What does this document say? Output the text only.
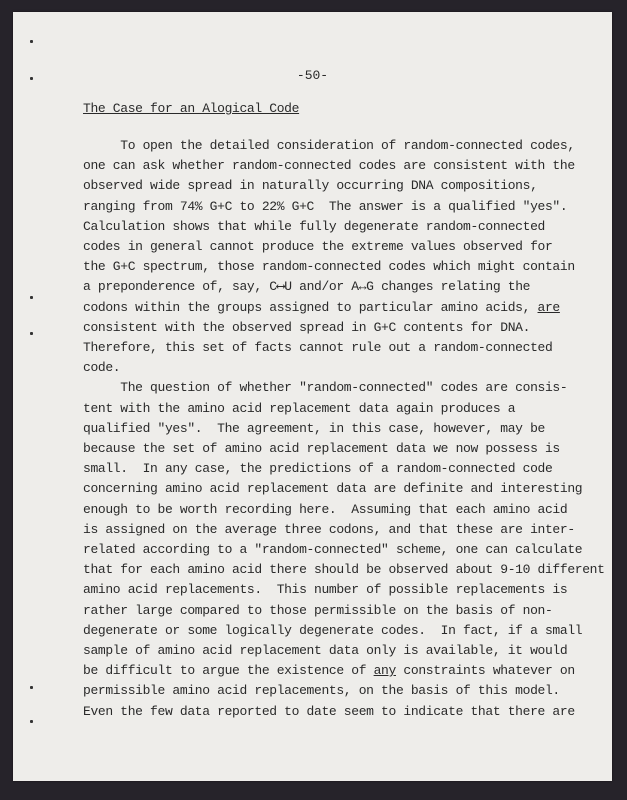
-50-
The Case for an Alogical Code
To open the detailed consideration of random-connected codes,
one can ask whether random-connected codes are consistent with the
observed wide spread in naturally occurring DNA compositions,
ranging from 74% G+C to 22% G+C  The answer is a qualified "yes".
Calculation shows that while fully degenerate random-connected
codes in general cannot produce the extreme values observed for
the G+C spectrum, those random-connected codes which might contain
a preponderence of, say, C⟷U and/or A↔G changes relating the
codons within the groups assigned to particular amino acids, are
consistent with the observed spread in G+C contents for DNA.
Therefore, this set of facts cannot rule out a random-connected
code.
The question of whether "random-connected" codes are consis-
tent with the amino acid replacement data again produces a
qualified "yes".  The agreement, in this case, however, may be
because the set of amino acid replacement data we now possess is
small.  In any case, the predictions of a random-connected code
concerning amino acid replacement data are definite and interesting
enough to be worth recording here.  Assuming that each amino acid
is assigned on the average three codons, and that these are inter-
related according to a "random-connected" scheme, one can calculate
that for each amino acid there should be observed about 9-10 different
amino acid replacements.  This number of possible replacements is
rather large compared to those permissible on the basis of non-
degenerate or some logically degenerate codes.  In fact, if a small
sample of amino acid replacement data only is available, it would
be difficult to argue the existence of any constraints whatever on
permissible amino acid replacements, on the basis of this model.
Even the few data reported to date seem to indicate that there are
